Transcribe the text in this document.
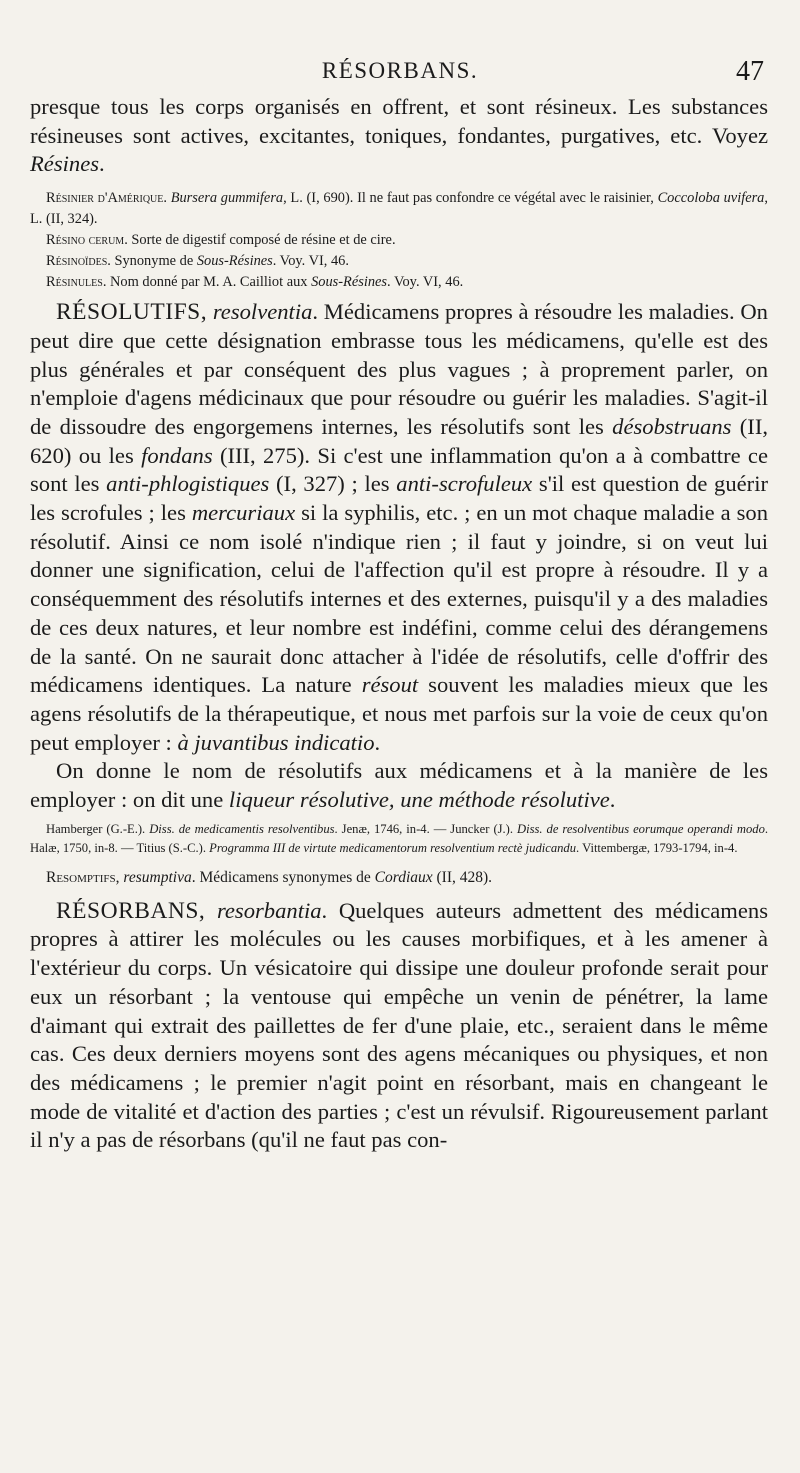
RÉSORBANS.	47

presque tous les corps organisés en offrent, et sont résineux. Les substances résineuses sont actives, excitantes, toniques, fondantes, purgatives, etc. Voyez Résines.

Résinier d'Amérique. Bursera gummifera, L. (I, 690). Il ne faut pas confondre ce végétal avec le raisinier, Coccoloba uvifera, L. (II, 324).

Résino cerum. Sorte de digestif composé de résine et de cire.

Résinoïdes. Synonyme de Sous-Résines. Voy. VI, 46.

Résinules. Nom donné par M. A. Cailliot aux Sous-Résines. Voy. VI, 46.

RÉSOLUTIFS, resolventia. Médicamens propres à résoudre les maladies. On peut dire que cette désignation embrasse tous les médicamens, qu'elle est des plus générales et par conséquent des plus vagues ; à proprement parler, on n'emploie d'agens médicinaux que pour résoudre ou guérir les maladies. S'agit-il de dissoudre des engorgemens internes, les résolutifs sont les désobstruans (II, 620) ou les fondans (III, 275). Si c'est une inflammation qu'on a à combattre ce sont les anti-phlogistiques (I, 327) ; les anti-scrofuleux s'il est question de guérir les scrofules ; les mercuriaux si la syphilis, etc. ; en un mot chaque maladie a son résolutif. Ainsi ce nom isolé n'indique rien ; il faut y joindre, si on veut lui donner une signification, celui de l'affection qu'il est propre à résoudre. Il y a conséquemment des résolutifs internes et des externes, puisqu'il y a des maladies de ces deux natures, et leur nombre est indéfini, comme celui des dérangemens de la santé. On ne saurait donc attacher à l'idée de résolutifs, celle d'offrir des médicamens identiques. La nature résout souvent les maladies mieux que les agens résolutifs de la thérapeutique, et nous met parfois sur la voie de ceux qu'on peut employer : à juvantibus indicatio.

On donne le nom de résolutifs aux médicamens et à la manière de les employer : on dit une liqueur résolutive, une méthode résolutive.

Hamberger (G.-E.). Diss. de medicamentis resolventibus. Jenæ, 1746, in-4. — Juncker (J.). Diss. de resolventibus eorumque operandi modo. Halæ, 1750, in-8. — Titius (S.-C.). Programma III de virtute medicamentorum resolventium rectè judicandu. Vittembergæ, 1793-1794, in-4.

Resomptifs, resumptiva. Médicamens synonymes de Cordiaux (II, 428).

RÉSORBANS, resorbantia. Quelques auteurs admettent des médicamens propres à attirer les molécules ou les causes morbifiques, et à les amener à l'extérieur du corps. Un vésicatoire qui dissipe une douleur profonde serait pour eux un résorbant ; la ventouse qui empêche un venin de pénétrer, la lame d'aimant qui extrait des paillettes de fer d'une plaie, etc., seraient dans le même cas. Ces deux derniers moyens sont des agens mécaniques ou physiques, et non des médicamens ; le premier n'agit point en résorbant, mais en changeant le mode de vitalité et d'action des parties ; c'est un révulsif. Rigoureusement parlant il n'y a pas de résorbans (qu'il ne faut pas con-
